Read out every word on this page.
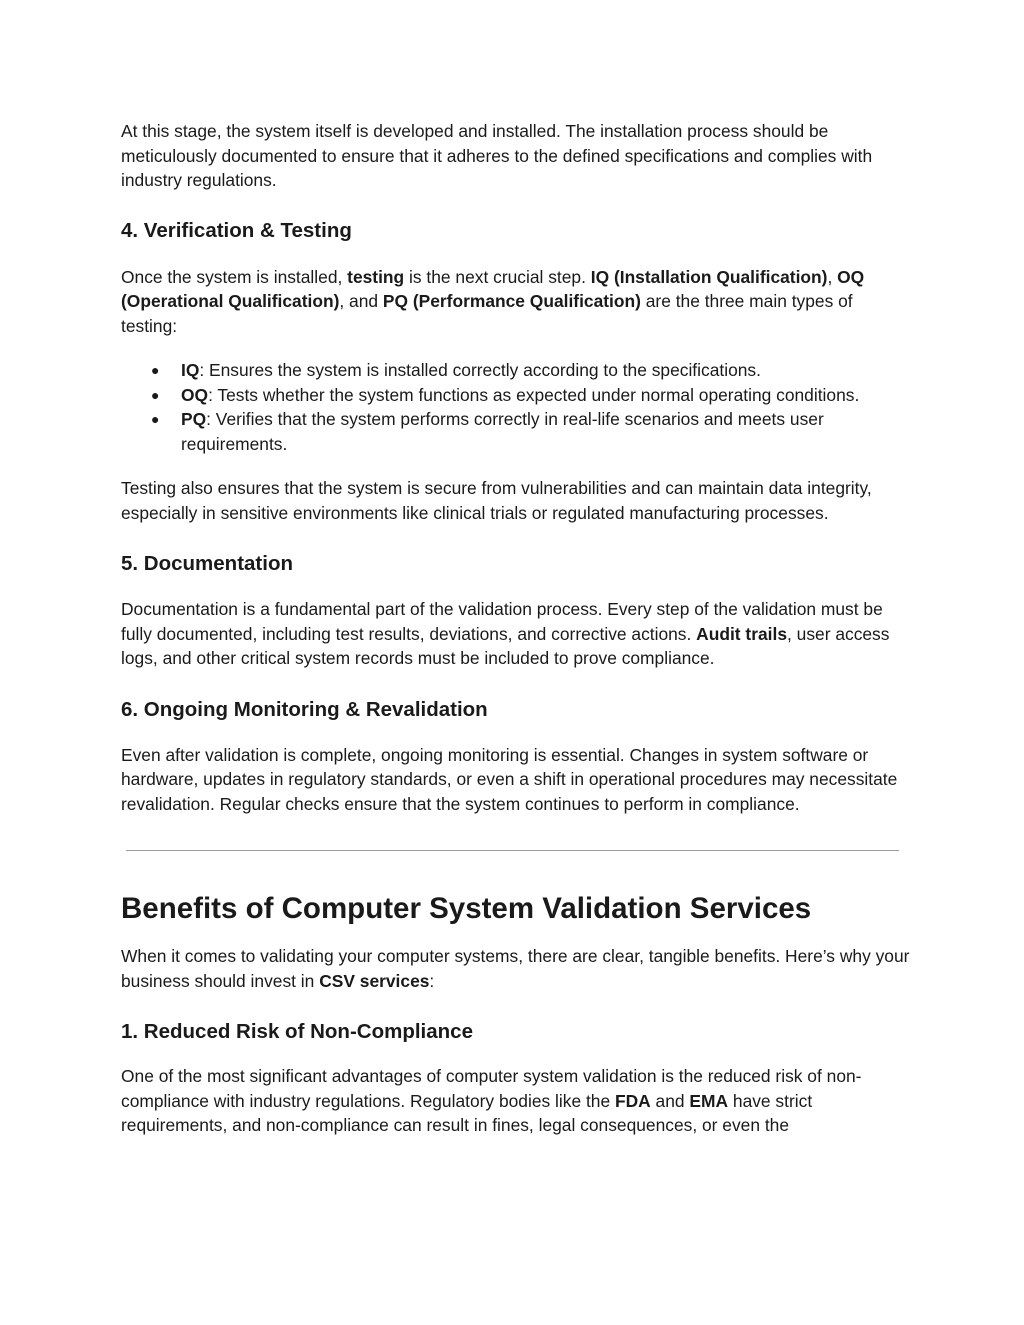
At this stage, the system itself is developed and installed. The installation process should be meticulously documented to ensure that it adheres to the defined specifications and complies with industry regulations.

4. Verification & Testing

Once the system is installed, testing is the next crucial step. IQ (Installation Qualification), OQ (Operational Qualification), and PQ (Performance Qualification) are the three main types of testing:

● IQ: Ensures the system is installed correctly according to the specifications.
● OQ: Tests whether the system functions as expected under normal operating conditions.
● PQ: Verifies that the system performs correctly in real-life scenarios and meets user requirements.

Testing also ensures that the system is secure from vulnerabilities and can maintain data integrity, especially in sensitive environments like clinical trials or regulated manufacturing processes.

5. Documentation

Documentation is a fundamental part of the validation process. Every step of the validation must be fully documented, including test results, deviations, and corrective actions. Audit trails, user access logs, and other critical system records must be included to prove compliance.

6. Ongoing Monitoring & Revalidation

Even after validation is complete, ongoing monitoring is essential. Changes in system software or hardware, updates in regulatory standards, or even a shift in operational procedures may necessitate revalidation. Regular checks ensure that the system continues to perform in compliance.

Benefits of Computer System Validation Services

When it comes to validating your computer systems, there are clear, tangible benefits. Here’s why your business should invest in CSV services:

1. Reduced Risk of Non-Compliance

One of the most significant advantages of computer system validation is the reduced risk of non-compliance with industry regulations. Regulatory bodies like the FDA and EMA have strict requirements, and non-compliance can result in fines, legal consequences, or even the
